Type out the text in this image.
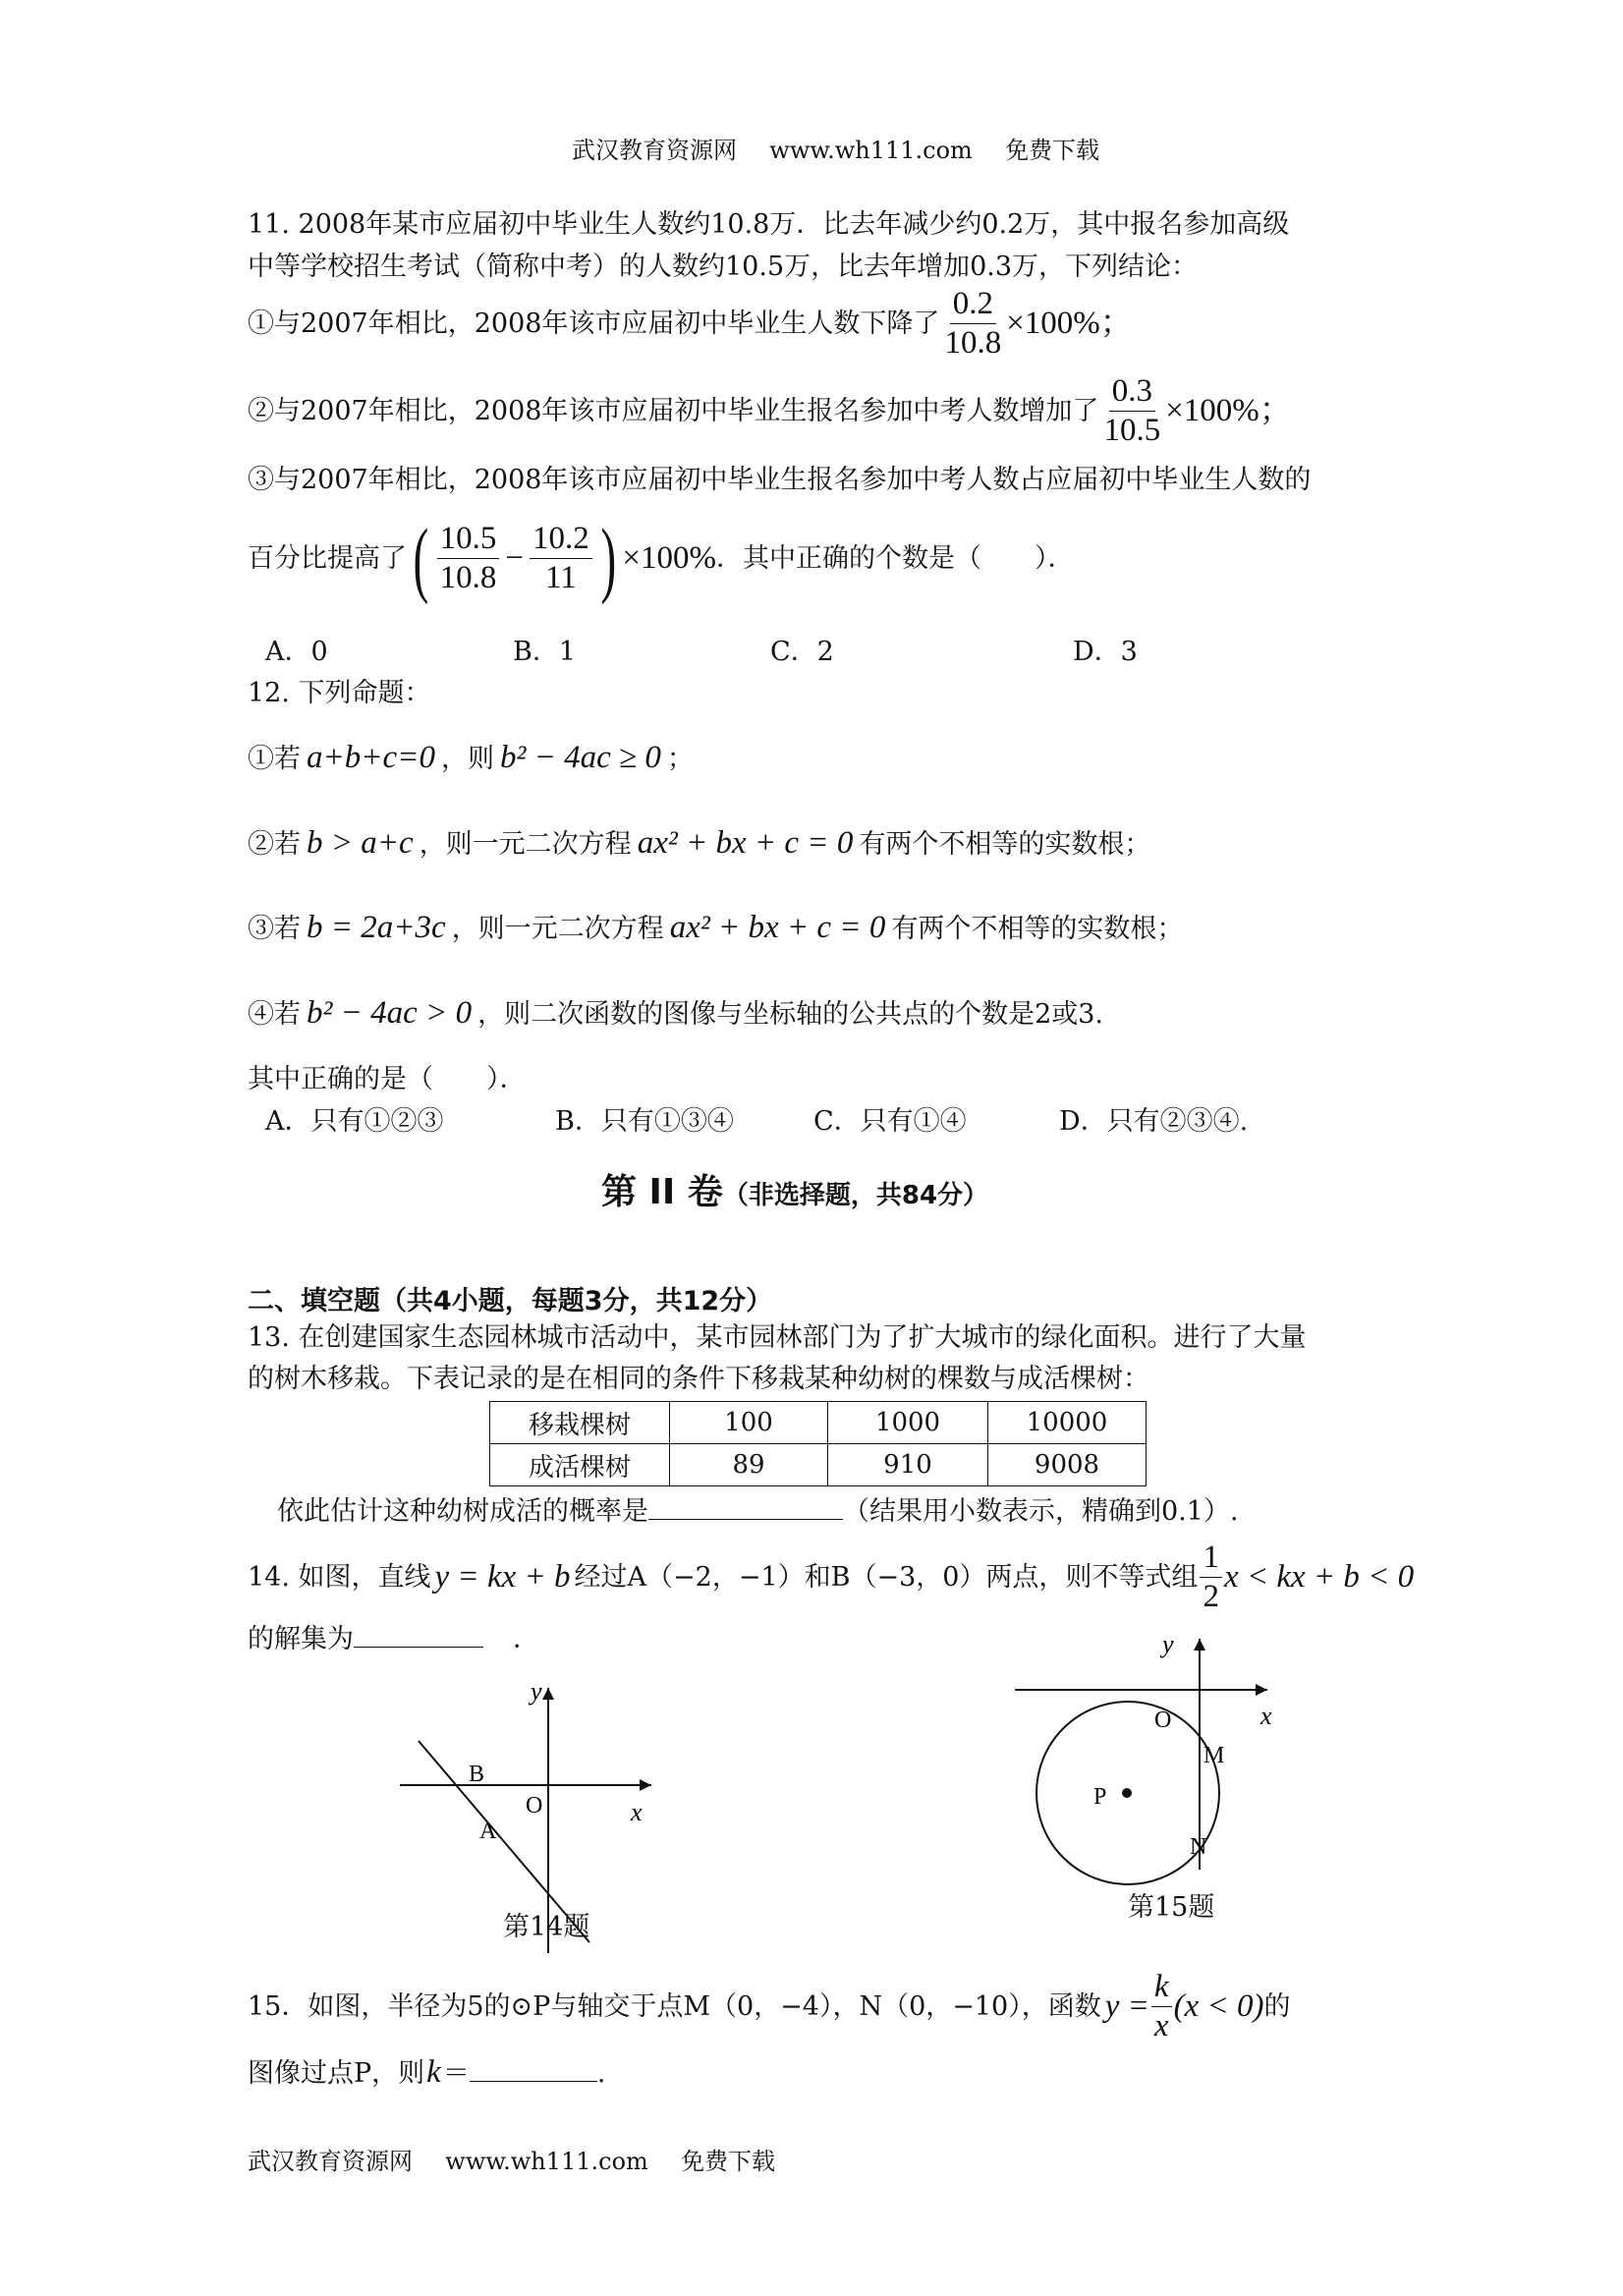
武汉教育资源网 www.wh111.com 免费下载
11. 2008年某市应届初中毕业生人数约10.8万．比去年减少约0.2万，其中报名参加高级
中等学校招生考试（简称中考）的人数约10.5万，比去年增加0.3万，下列结论：
①与2007年相比，2008年该市应届初中毕业生人数下降了 $\frac{0.2}{10.8} \times 100\%$；
②与2007年相比，2008年该市应届初中毕业生报名参加中考人数增加了 $\frac{0.3}{10.5} \times 100\%$；
③与2007年相比，2008年该市应届初中毕业生报名参加中考人数占应届初中毕业生人数的
百分比提高了 ( $\frac{10.5}{10.8} - \frac{10.2}{11}$ ) ×100% ．其中正确的个数是（　　）．
A．0	B．1	C．2	D．3
12. 下列命题：
①若 a+b+c=0 ，则 b² − 4ac ≥ 0 ；
②若 b > a+c ，则一元二次方程 ax² + bx + c = 0 有两个不相等的实数根；
③若 b = 2a+3c ，则一元二次方程 ax² + bx + c = 0 有两个不相等的实数根；
④若 b² − 4ac > 0 ，则二次函数的图像与坐标轴的公共点的个数是2或3.
其中正确的是（　　）．
A．只有①②③	B．只有①③④	C．只有①④	D．只有②③④.
第 II 卷 （非选择题，共84分）
二、填空题（共4小题，每题3分，共12分）
13. 在创建国家生态园林城市活动中，某市园林部门为了扩大城市的绿化面积。进行了大量
的树木移栽。下表记录的是在相同的条件下移栽某种幼树的棵数与成活棵树：
移栽棵树	100	1000	10000
成活棵树	89	910	9008
依此估计这种幼树成活的概率是	（结果用小数表示，精确到0.1）.
14. 如图，直线 y = kx + b 经过A（−2，−1）和B（−3，0）两点，则不等式组 $\frac{1}{2}$ x < kx + b < 0
的解集为	．
y
x
O
B
A
第14题
y
x
O
M
P
N
第15题
15．如图，半径为5的⊙P与轴交于点M（0，−4），N（0，−10），函数 $y = \frac{k}{x} (x < 0)$ 的
图像过点P，则 k ＝	.
武汉教育资源网 www.wh111.com 免费下载
